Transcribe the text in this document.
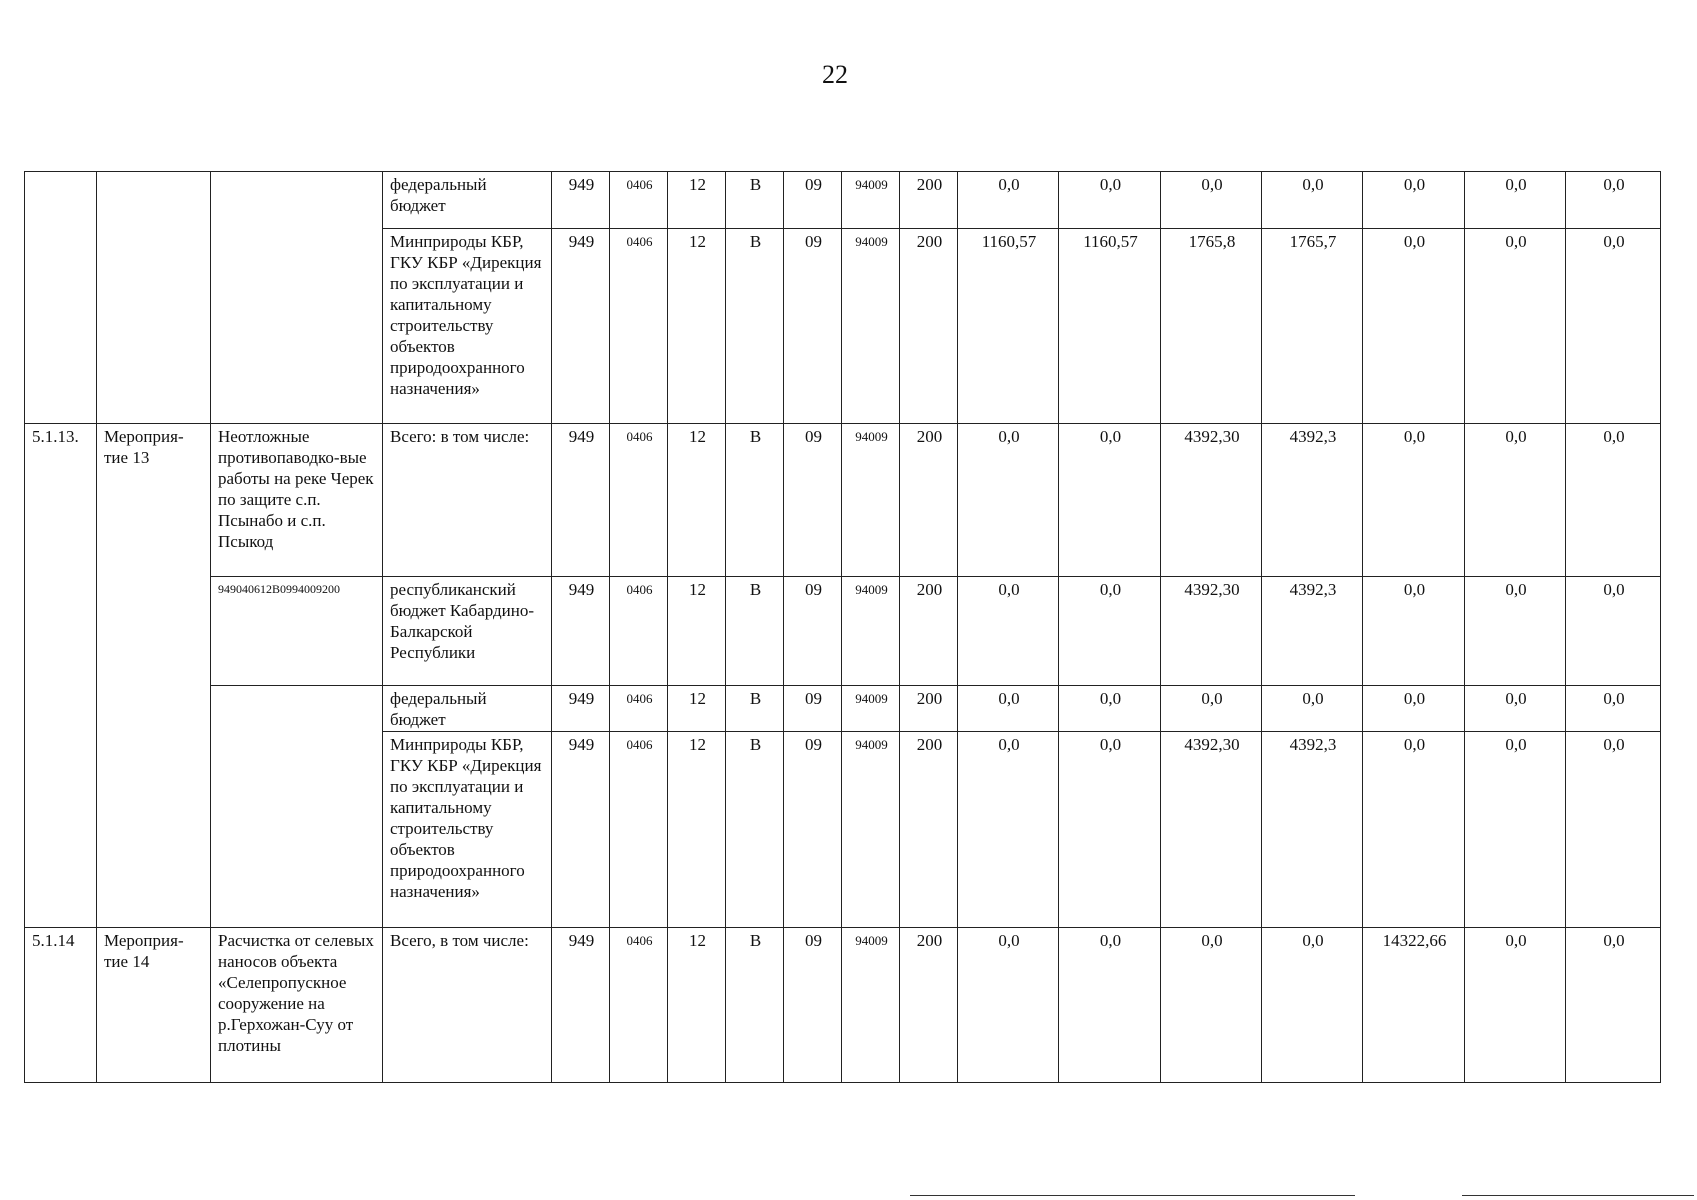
22
			федеральный бюджет	949	0406	12	В	09	94009	200	0,0	0,0	0,0	0,0	0,0	0,0	0,0
			Минприроды КБР, ГКУ КБР «Дирекция по эксплуатации и капитальному строительству объектов природоохранного назначения»	949	0406	12	В	09	94009	200	1160,57	1160,57	1765,8	1765,7	0,0	0,0	0,0
5.1.13.	Мероприя-тие 13	Неотложные противопаводко-вые работы на реке Черек по защите с.п. Псынабо и с.п. Псыкод	Всего: в том числе:	949	0406	12	В	09	94009	200	0,0	0,0	4392,30	4392,3	0,0	0,0	0,0
		949040612B0994009200	республиканский бюджет Кабардино-Балкарской Республики	949	0406	12	В	09	94009	200	0,0	0,0	4392,30	4392,3	0,0	0,0	0,0
			федеральный бюджет	949	0406	12	В	09	94009	200	0,0	0,0	0,0	0,0	0,0	0,0	0,0
			Минприроды КБР, ГКУ КБР «Дирекция по эксплуатации и капитальному строительству объектов природоохранного назначения»	949	0406	12	В	09	94009	200	0,0	0,0	4392,30	4392,3	0,0	0,0	0,0
5.1.14	Мероприя-тие 14	Расчистка от селевых наносов объекта «Селепропускное сооружение на р.Герхожан-Суу от плотины	Всего, в том числе:	949	0406	12	В	09	94009	200	0,0	0,0	0,0	0,0	14322,66	0,0	0,0
